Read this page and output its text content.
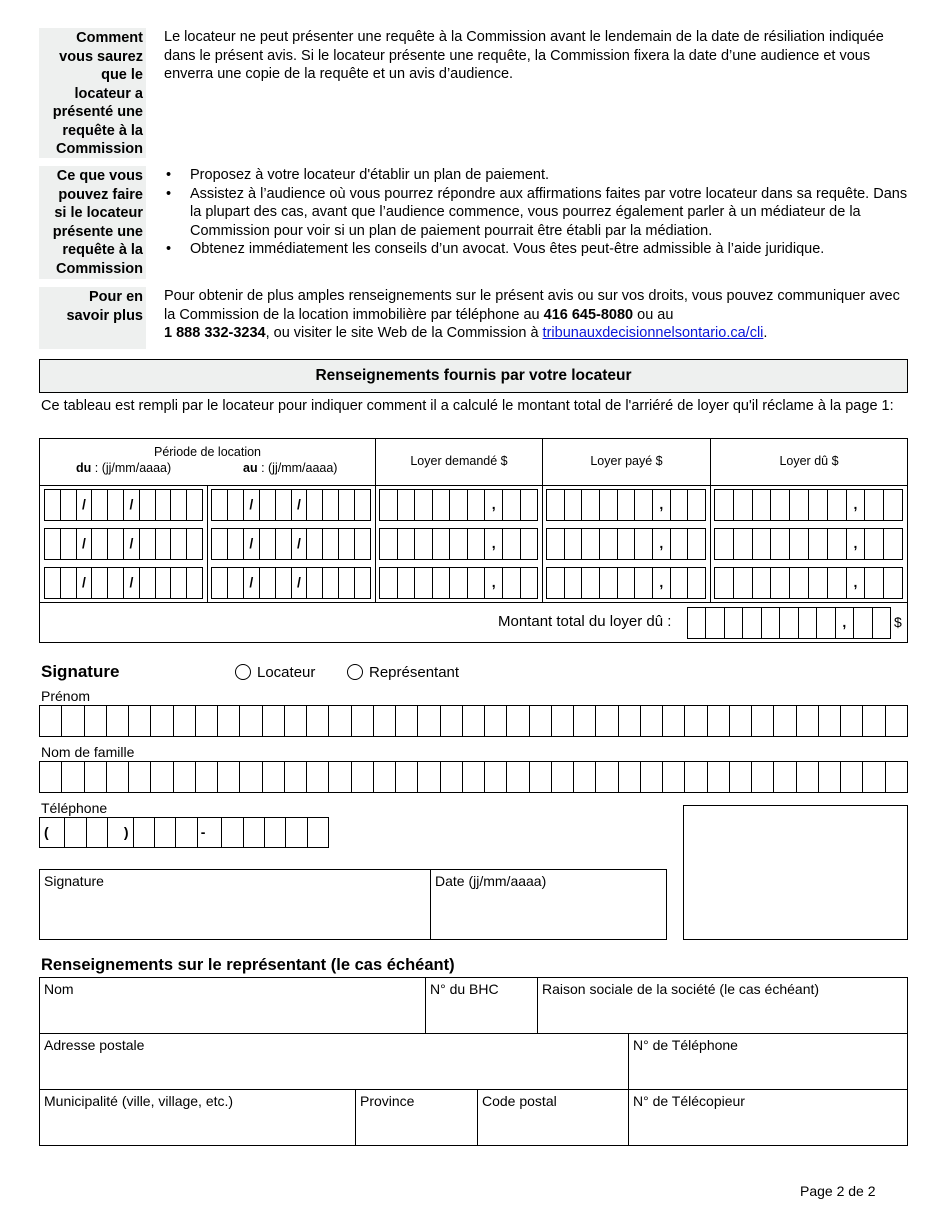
Comment
vous saurez
que le
locateur a
présenté une
requête à la
Commission
Le locateur ne peut présenter une requête à la Commission avant le lendemain de la date de résiliation indiquée dans le présent avis. Si le locateur présente une requête, la Commission fixera la date d’une audience et vous enverra une copie de la requête et un avis d’audience.
Ce que vous
pouvez faire
si le locateur
présente une
requête à la
Commission
• Proposez à votre locateur d'établir un plan de paiement.
• Assistez à l’audience où vous pourrez répondre aux affirmations faites par votre locateur dans sa requête. Dans la plupart des cas, avant que l’audience commence, vous pourrez également parler à un médiateur de la Commission pour voir si un plan de paiement pourrait être établi par la médiation.
• Obtenez immédiatement les conseils d’un avocat. Vous êtes peut-être admissible à l’aide juridique.
Pour en
savoir plus
Pour obtenir de plus amples renseignements sur le présent avis ou sur vos droits, vous pouvez communiquer avec la Commission de la location immobilière par téléphone au 416 645-8080 ou au
1 888 332-3234, ou visiter le site Web de la Commission à tribunauxdecisionnelsontario.ca/cli.
Renseignements fournis par votre locateur
Ce tableau est rempli par le locateur pour indiquer comment il a calculé le montant total de l'arriéré de loyer qu'il réclame à la page 1:
Période de location
du : (jj/mm/aaaa)	au : (jj/mm/aaaa)	Loyer demandé $	Loyer payé $	Loyer dû $
/	/	/	/	,	,	,
/	/	/	/	,	,	,
/	/	/	/	,	,	,
Montant total du loyer dû :	,	$
Signature	Locateur	Représentant
Prénom
Nom de famille
Téléphone
(	)	-
Signature	Date (jj/mm/aaaa)
Renseignements sur le représentant (le cas échéant)
Nom	N° du BHC	Raison sociale de la société (le cas échéant)
Adresse postale	N° de Téléphone
Municipalité (ville, village, etc.)	Province	Code postal	N° de Télécopieur
Page 2 de 2
